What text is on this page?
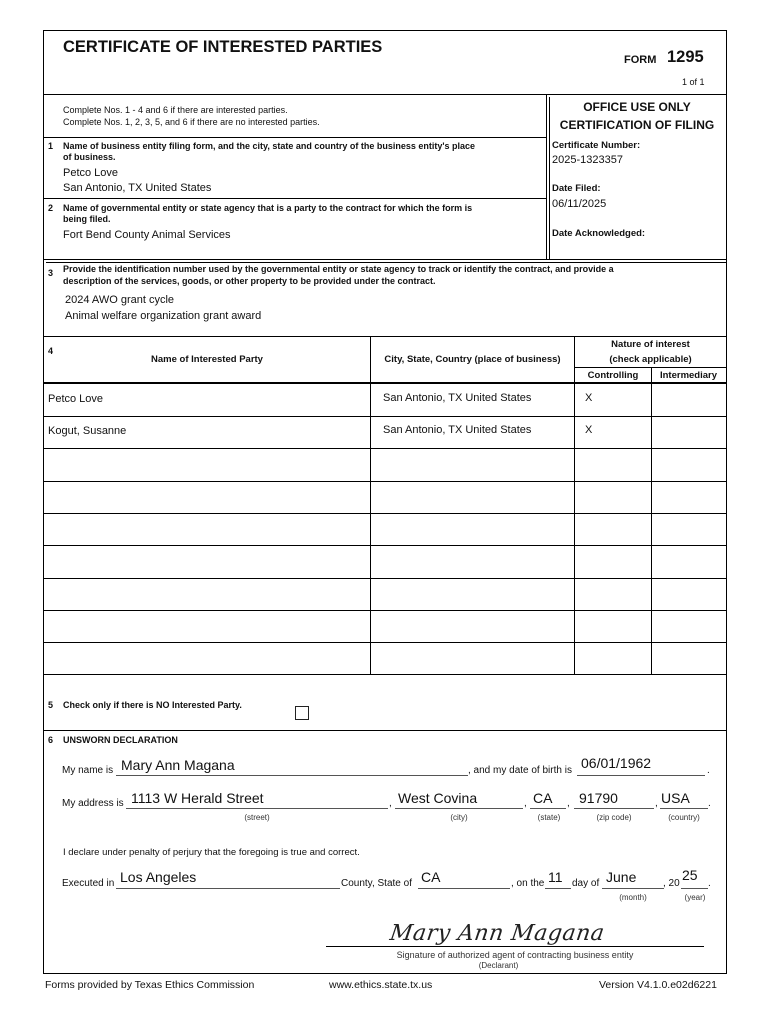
CERTIFICATE OF INTERESTED PARTIES
FORM 1295
1 of 1
Complete Nos. 1 - 4 and 6 if there are interested parties.
Complete Nos. 1, 2, 3, 5, and 6 if there are no interested parties.
OFFICE USE ONLY
CERTIFICATION OF FILING
Certificate Number:
2025-1323357
Date Filed:
06/11/2025
Date Acknowledged:
1 Name of business entity filing form, and the city, state and country of the business entity's place
of business.
Petco Love
San Antonio, TX United States
2 Name of governmental entity or state agency that is a party to the contract for which the form is
being filed.
Fort Bend County Animal Services
3 Provide the identification number used by the governmental entity or state agency to track or identify the contract, and provide a
description of the services, goods, or other property to be provided under the contract.
2024 AWO grant cycle
Animal welfare organization grant award
4
Name of Interested Party	City, State, Country (place of business)
Nature of interest
(check applicable)
Controlling	Intermediary
Petco Love	San Antonio, TX United States	X
Kogut, Susanne	San Antonio, TX United States	X
5 Check only if there is NO Interested Party.
6 UNSWORN DECLARATION
My name is Mary Ann Magana	, and my date of birth is 06/01/1962	.
My address is 1113 W Herald Street	, West Covina	, CA , 91790	, USA .
(street)	(city)	(state)	(zip code)	(country)
I declare under penalty of perjury that the foregoing is true and correct.
Executed in Los Angeles	County, State of CA	, on the 11 day of June	, 20
25
.
(month)	(year)
Mary Ann Magana
Signature of authorized agent of contracting business entity
(Declarant)
Forms provided by Texas Ethics Commission	www.ethics.state.tx.us	Version V4.1.0.e02d6221
